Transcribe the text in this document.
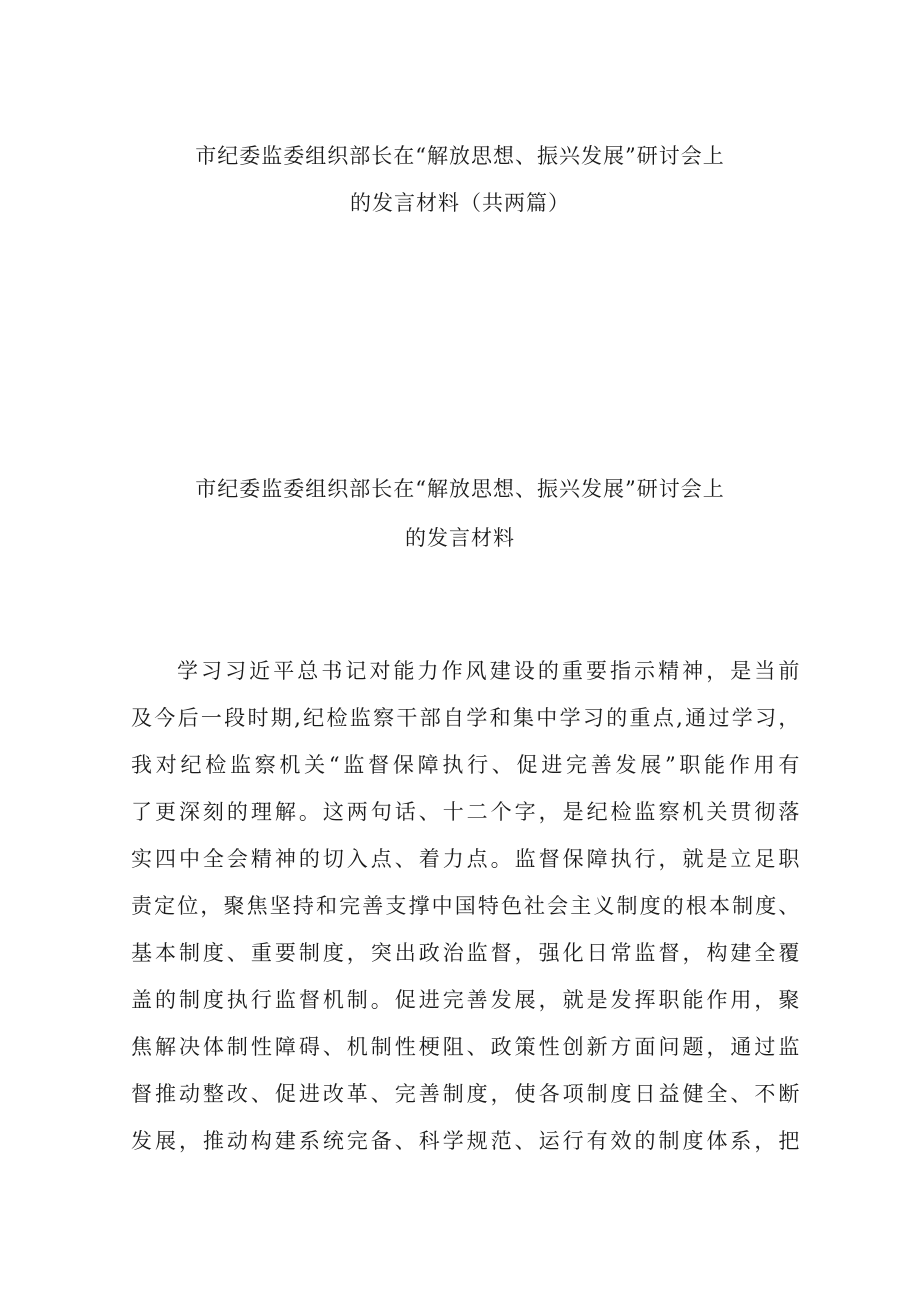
市纪委监委组织部长在“解放思想、振兴发展”研讨会上
的发言材料（共两篇）
市纪委监委组织部长在“解放思想、振兴发展”研讨会上
的发言材料
学习习近平总书记对能力作风建设的重要指示精神，是当前
及今后一段时期,纪检监察干部自学和集中学习的重点,通过学习，
我对纪检监察机关“监督保障执行、促进完善发展”职能作用有
了更深刻的理解。这两句话、十二个字，是纪检监察机关贯彻落
实四中全会精神的切入点、着力点。监督保障执行，就是立足职
责定位，聚焦坚持和完善支撑中国特色社会主义制度的根本制度、
基本制度、重要制度，突出政治监督，强化日常监督，构建全覆
盖的制度执行监督机制。促进完善发展，就是发挥职能作用，聚
焦解决体制性障碍、机制性梗阻、政策性创新方面问题，通过监
督推动整改、促进改革、完善制度，使各项制度日益健全、不断
发展，推动构建系统完备、科学规范、运行有效的制度体系，把
